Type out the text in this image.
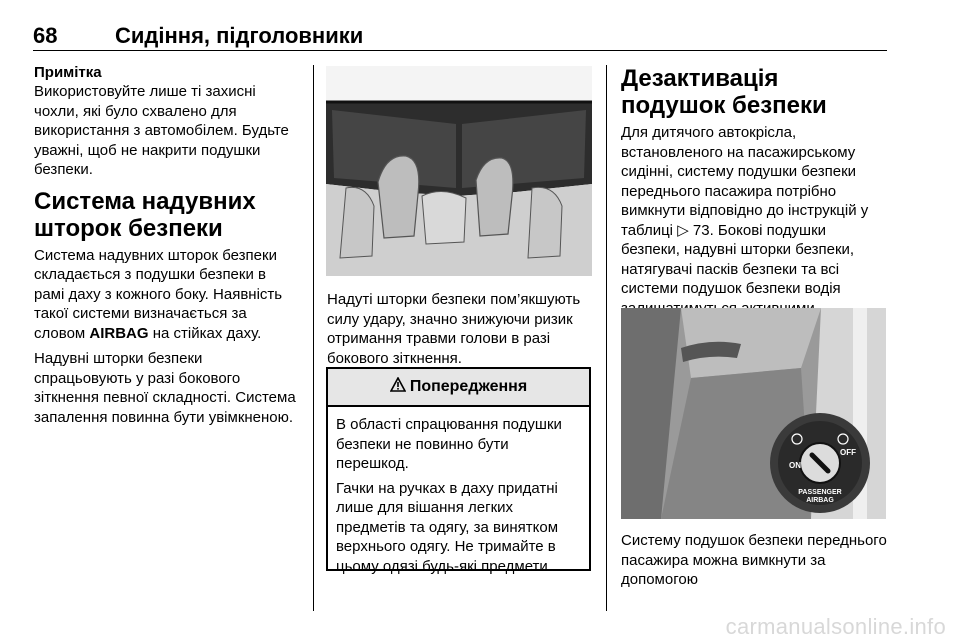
68	Сидіння, підголовники
Примітка

Використовуйте лише ті захисні чохли, які було схвалено для використання з автомобілем. Будьте уважні, щоб не накрити подушки безпеки.

Система надувних шторок безпеки

Система надувних шторок безпеки складається з подушки безпеки в рамі даху з кожного боку. Наявність такої системи визначається за словом AIRBAG на стійках даху.

Надувні шторки безпеки спрацьовують у разі бокового зіткнення певної складності. Система запалення повинна бути увімкненою.

Надуті шторки безпеки пом’якшують силу удару, значно знижуючи ризик отримання травми голови в разі бокового зіткнення.

Попередження

В області спрацювання подушки безпеки не повинно бути перешкод.

Гачки на ручках в даху придатні лише для вішання легких предметів та одягу, за винятком верхнього одягу. Не тримайте в цьому одязі будь-які предмети.

Дезактивація подушок безпеки

Для дитячого автокрісла, встановленого на пасажирському сидінні, систему подушки безпеки переднього пасажира потрібно вимкнути відповідно до інструкцій у таблиці ▷ 73. Бокові подушки безпеки, надувні шторки безпеки, натягувачі пасків безпеки та всі системи подушок безпеки водія

ON
OFF
PASSENGER
AIRBAG

Систему подушок безпеки переднього пасажира можна вимкнути за допомогою

carmanualsonline.info
